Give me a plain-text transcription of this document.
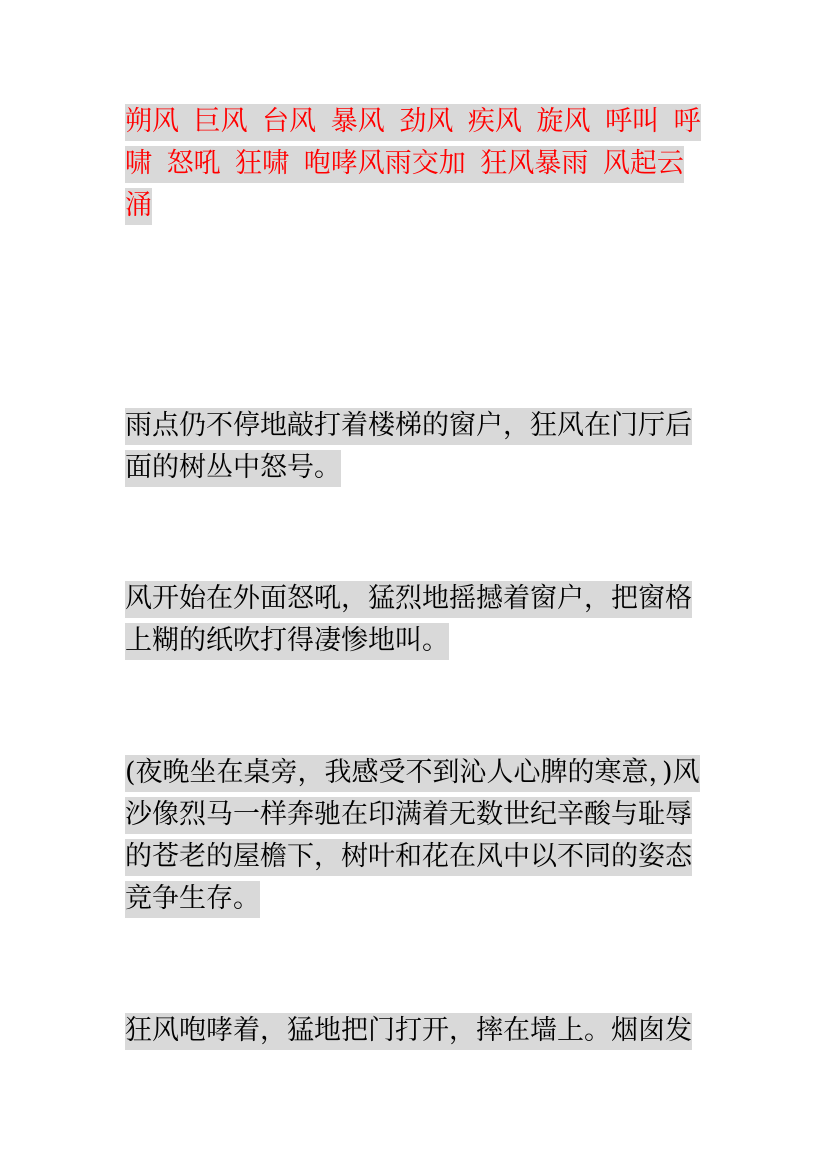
朔风 巨风 台风 暴风 劲风 疾风 旋风 呼叫 呼啸 怒吼 狂啸 咆哮风雨交加 狂风暴雨 风起云涌

雨点仍不停地敲打着楼梯的窗户，狂风在门厅后面的树丛中怒号。

风开始在外面怒吼，猛烈地摇撼着窗户，把窗格上糊的纸吹打得凄惨地叫。

(夜晚坐在桌旁，我感受不到沁人心脾的寒意，)风沙像烈马一样奔驰在印满着无数世纪辛酸与耻辱的苍老的屋檐下，树叶和花在风中以不同的姿态竞争生存。

狂风咆哮着，猛地把门打开，摔在墙上。烟囱发
